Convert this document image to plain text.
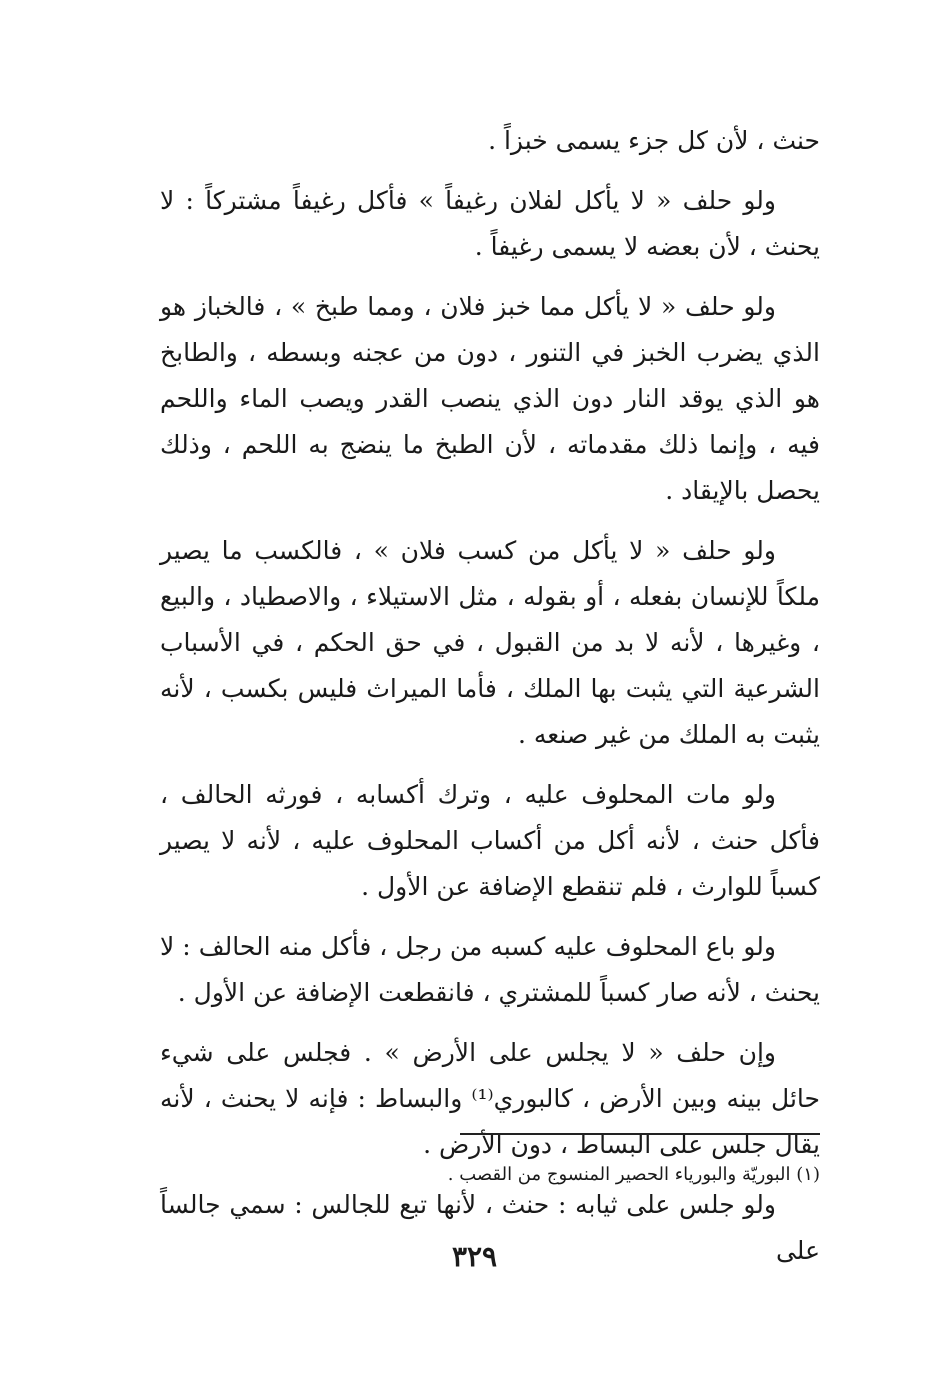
حنث ، لأن كل جزء يسمى خبزاً .

ولو حلف « لا يأكل لفلان رغيفاً » فأكل رغيفاً مشتركاً : لا يحنث ، لأن بعضه لا يسمى رغيفاً .

ولو حلف « لا يأكل مما خبز فلان ، ومما طبخ » ، فالخباز هو الذي يضرب الخبز في التنور ، دون من عجنه وبسطه ، والطابخ هو الذي يوقد النار دون الذي ينصب القدر ويصب الماء واللحم فيه ، وإنما ذلك مقدماته ، لأن الطبخ ما ينضج به اللحم ، وذلك يحصل بالإيقاد .

ولو حلف « لا يأكل من كسب فلان » ، فالكسب ما يصير ملكاً للإنسان بفعله ، أو بقوله ، مثل الاستيلاء ، والاصطياد ، والبيع ، وغيرها ، لأنه لا بد من القبول ، في حق الحكم ، في الأسباب الشرعية التي يثبت بها الملك ، فأما الميراث فليس بكسب ، لأنه يثبت به الملك من غير صنعه .

ولو مات المحلوف عليه ، وترك أكسابه ، فورثه الحالف ، فأكل حنث ، لأنه أكل من أكساب المحلوف عليه ، لأنه لا يصير كسباً للوارث ، فلم تنقطع الإضافة عن الأول .

ولو باع المحلوف عليه كسبه من رجل ، فأكل منه الحالف : لا يحنث ، لأنه صار كسباً للمشتري ، فانقطعت الإضافة عن الأول .

وإن حلف « لا يجلس على الأرض » . فجلس على شيء حائل بينه وبين الأرض ، كالبوري⁽¹⁾ والبساط : فإنه لا يحنث ، لأنه يقال جلس على البساط ، دون الأرض .

ولو جلس على ثيابه : حنث ، لأنها تبع للجالس : سمي جالساً على

(١) البوريّة والبورياء الحصير المنسوج من القصب .
٣٢٩
